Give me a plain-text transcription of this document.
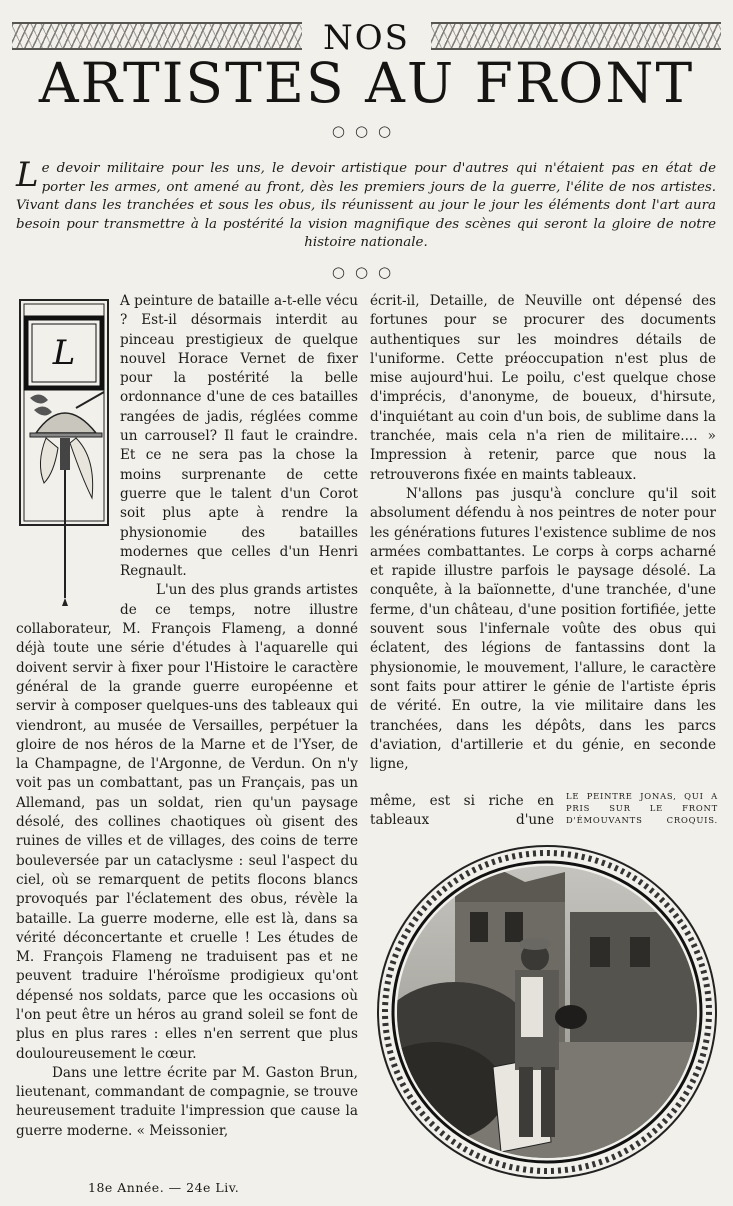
NOS
ARTISTES AU FRONT
○○○
Le devoir militaire pour les uns, le devoir artistique pour d'autres qui n'étaient pas en état de porter les armes, ont amené au front, dès les premiers jours de la guerre, l'élite de nos artistes. Vivant dans les tranchées et sous les obus, ils réunissent au jour le jour les éléments dont l'art aura besoin pour transmettre à la postérité la vision magnifique des scènes qui seront la gloire de notre histoire nationale.
○○○
L

A peinture de bataille a-t-elle vécu ? Est-il désormais interdit au pinceau prestigieux de quelque nouvel Horace Vernet de fixer pour la postérité la belle ordonnance d'une de ces batailles rangées de jadis, réglées comme un carrousel? Il faut le craindre. Et ce ne sera pas la chose la moins surprenante de cette guerre que le talent d'un Corot soit plus apte à rendre la physionomie des batailles modernes que celles d'un Henri Regnault.

L'un des plus grands artistes de ce temps, notre illustre collaborateur, M. François Flameng, a donné déjà toute une série d'études à l'aquarelle qui doivent servir à fixer pour l'Histoire le caractère général de la grande guerre européenne et servir à composer quelques-uns des tableaux qui viendront, au musée de Versailles, perpétuer la gloire de nos héros de la Marne et de l'Yser, de la Champagne, de l'Argonne, de Verdun. On n'y voit pas un combattant, pas un Français, pas un Allemand, pas un soldat, rien qu'un paysage désolé, des collines chaotiques où gisent des ruines de villes et de villages, des coins de terre bouleversée par un cataclysme : seul l'aspect du ciel, où se remarquent de petits flocons blancs provoqués par l'éclatement des obus, révèle la bataille. La guerre moderne, elle est là, dans sa vérité déconcertante et cruelle ! Les études de M. François Flameng ne traduisent pas et ne peuvent traduire l'héroïsme prodigieux qu'ont dépensé nos soldats, parce que les occasions où l'on peut être un héros au grand soleil se font de plus en plus rares : elles n'en serrent que plus douloureusement le cœur.

Dans une lettre écrite par M. Gaston Brun, lieutenant, commandant de compagnie, se trouve heureusement traduite l'impression que cause la guerre moderne. « Meissonier,

écrit-il, Detaille, de Neuville ont dépensé des fortunes pour se procurer des documents authentiques sur les moindres détails de l'uniforme. Cette préoccupation n'est plus de mise aujourd'hui. Le poilu, c'est quelque chose d'imprécis, d'anonyme, de boueux, d'hirsute, d'inquiétant au coin d'un bois, de sublime dans la tranchée, mais cela n'a rien de militaire.... » Impression à retenir, parce que nous la retrouverons fixée en maints tableaux.

N'allons pas jusqu'à conclure qu'il soit absolument défendu à nos peintres de noter pour les générations futures l'existence sublime de nos armées combattantes. Le corps à corps acharné et rapide illustre parfois le paysage désolé. La conquête, à la baïonnette, d'une tranchée, d'une ferme, d'un château, d'une position fortifiée, jette souvent sous l'infernale voûte des obus qui éclatent, des légions de fantassins dont la physionomie, le mouvement, l'allure, le caractère sont faits pour attirer le génie de l'artiste épris de vérité. En outre, la vie militaire dans les tranchées, dans les dépôts, dans les parcs d'aviation, d'artillerie et du génie, en seconde ligne,

même, est si riche en tableaux d'une
LE PEINTRE JONAS, QUI A PRIS SUR LE FRONT D'ÉMOUVANTS CROQUIS.
18e Année. — 24e Liv.
